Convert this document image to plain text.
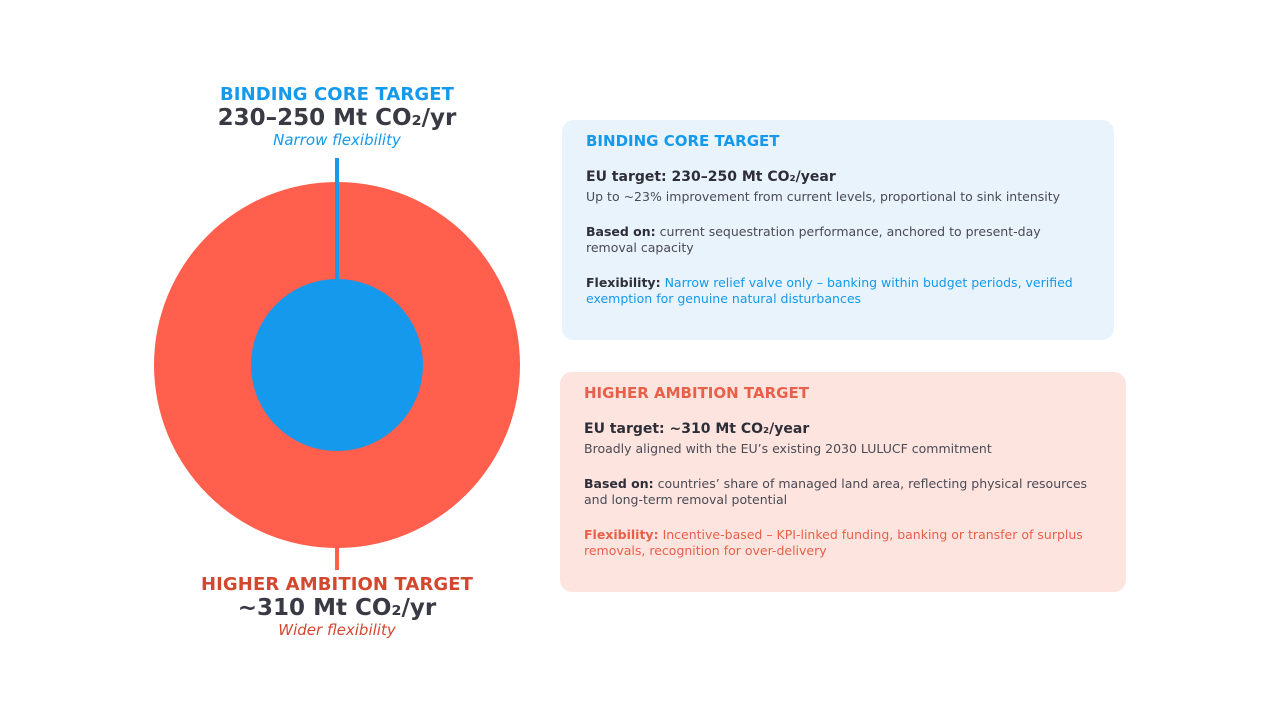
BINDING CORE TARGET
230–250 Mt CO₂/yr
Narrow flexibility
HIGHER AMBITION TARGET
~310 Mt CO₂/yr
Wider flexibility
BINDING CORE TARGET
EU target: 230–250 Mt CO₂/year
Up to ~23% improvement from current levels, proportional to sink intensity
Based on: current sequestration performance, anchored to present-day removal capacity
Flexibility: Narrow relief valve only – banking within budget periods, verified exemption for genuine natural disturbances
HIGHER AMBITION TARGET
EU target: ~310 Mt CO₂/year
Broadly aligned with the EU’s existing 2030 LULUCF commitment
Based on: countries’ share of managed land area, reflecting physical resources and long-term removal potential
Flexibility: Incentive-based – KPI-linked funding, banking or transfer of surplus removals, recognition for over-delivery
